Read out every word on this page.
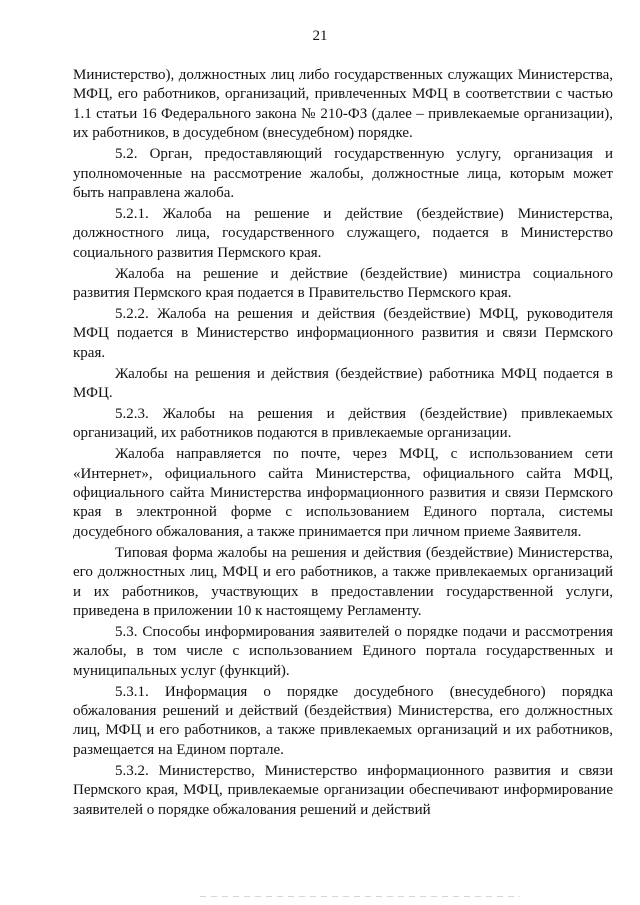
21

Министерство), должностных лиц либо государственных служащих Министерства, МФЦ, его работников, организаций, привлеченных МФЦ в соответствии с частью 1.1 статьи 16 Федерального закона № 210-ФЗ (далее – привлекаемые организации), их работников, в досудебном (внесудебном) порядке.

5.2. Орган, предоставляющий государственную услугу, организация и уполномоченные на рассмотрение жалобы, должностные лица, которым может быть направлена жалоба.

5.2.1. Жалоба на решение и действие (бездействие) Министерства, должностного лица, государственного служащего, подается в Министерство социального развития Пермского края.

Жалоба на решение и действие (бездействие) министра социального развития Пермского края подается в Правительство Пермского края.

5.2.2. Жалоба на решения и действия (бездействие) МФЦ, руководителя МФЦ подается в Министерство информационного развития и связи Пермского края.

Жалобы на решения и действия (бездействие) работника МФЦ подается в МФЦ.

5.2.3. Жалобы на решения и действия (бездействие) привлекаемых организаций, их работников подаются в привлекаемые организации.

Жалоба направляется по почте, через МФЦ, с использованием сети «Интернет», официального сайта Министерства, официального сайта МФЦ, официального сайта Министерства информационного развития и связи Пермского края в электронной форме с использованием Единого портала, системы досудебного обжалования, а также принимается при личном приеме Заявителя.

Типовая форма жалобы на решения и действия (бездействие) Министерства, его должностных лиц, МФЦ и его работников, а также привлекаемых организаций и их работников, участвующих в предоставлении государственной услуги, приведена в приложении 10 к настоящему Регламенту.

5.3. Способы информирования заявителей о порядке подачи и рассмотрения жалобы, в том числе с использованием Единого портала государственных и муниципальных услуг (функций).

5.3.1. Информация о порядке досудебного (внесудебного) порядка обжалования решений и действий (бездействия) Министерства, его должностных лиц, МФЦ и его работников, а также привлекаемых организаций и их работников, размещается на Едином портале.

5.3.2. Министерство, Министерство информационного развития и связи Пермского края, МФЦ, привлекаемые организации обеспечивают информирование заявителей о порядке обжалования решений и действий
